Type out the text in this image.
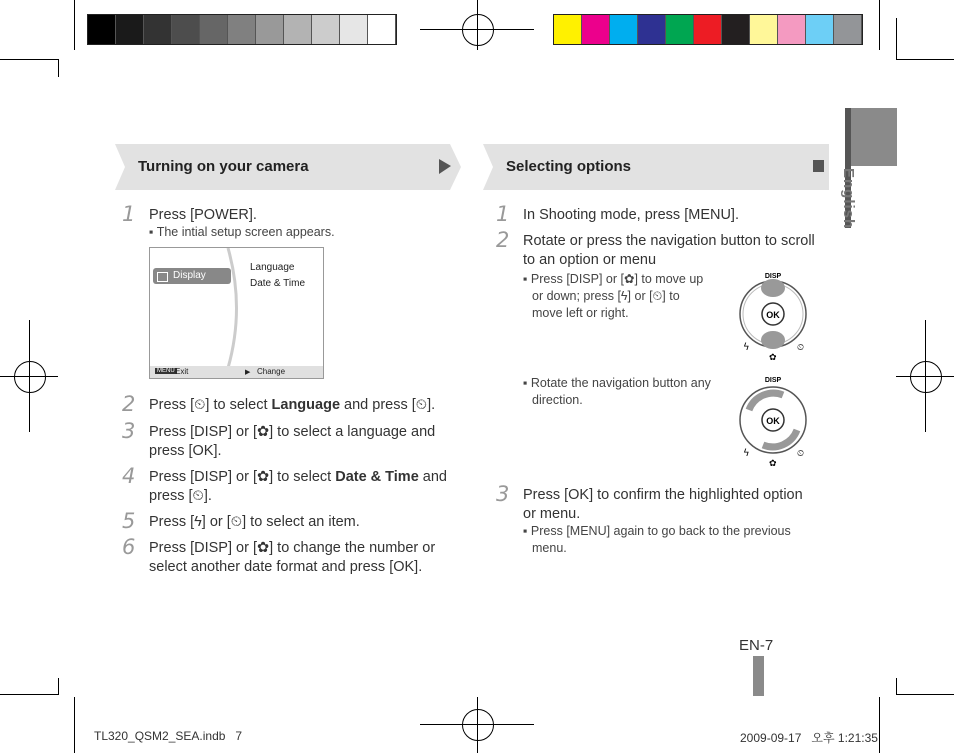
English
Turning on your camera
1 Press [POWER].
▪ The intial setup screen appears.
Display
Language
Date & Time
MENU Exit	▶ Change
2 Press [⏲] to select Language and press [⏲].
3 Press [DISP] or [✿] to select a language and
press [OK].
4 Press [DISP] or [✿] to select Date & Time and
press [⏲].
5 Press [ϟ] or [⏲] to select an item.
6 Press [DISP] or [✿] to change the number or
select another date format and press [OK].
Selecting options
1 In Shooting mode, press [MENU].
2 Rotate or press the navigation button to scroll
to an option or menu
▪ Press [DISP] or [✿] to move up
or down; press [ϟ] or [⏲] to
move left or right.	OK
DISP
ϟ
✿
⏲
▪ Rotate the navigation button any
direction.
OK
DISP
ϟ
✿
⏲
3 Press [OK] to confirm the highlighted option
or menu.
▪ Press [MENU] again to go back to the previous
menu.
EN-7
TL320_QSM2_SEA.indb   7	2009-09-17   오후 1:21:35
